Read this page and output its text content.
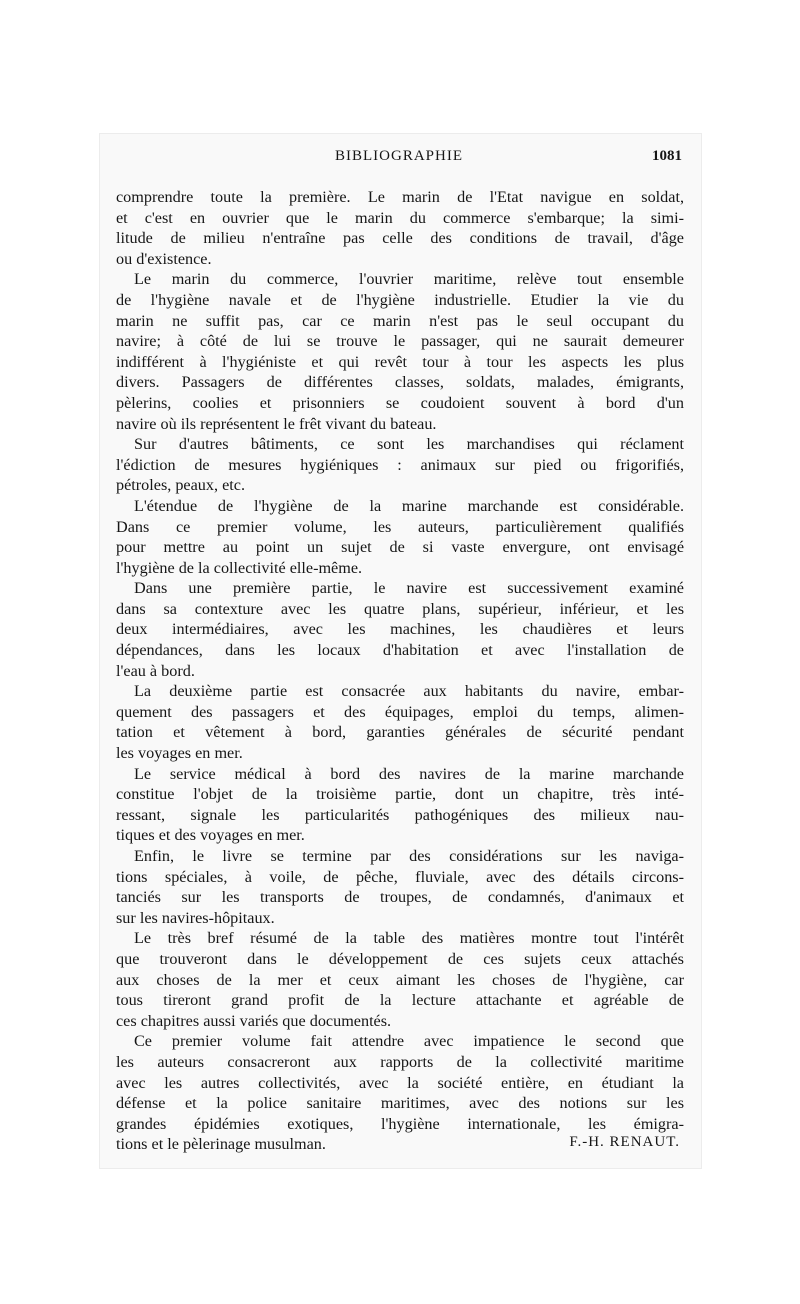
BIBLIOGRAPHIE	1081
comprendre toute la première. Le marin de l'Etat navigue en soldat,
et c'est en ouvrier que le marin du commerce s'embarque; la simi-
litude de milieu n'entraîne pas celle des conditions de travail, d'âge
ou d'existence.
Le marin du commerce, l'ouvrier maritime, relève tout ensemble
de l'hygiène navale et de l'hygiène industrielle. Etudier la vie du
marin ne suffit pas, car ce marin n'est pas le seul occupant du
navire; à côté de lui se trouve le passager, qui ne saurait demeurer
indifférent à l'hygiéniste et qui revêt tour à tour les aspects les plus
divers. Passagers de différentes classes, soldats, malades, émigrants,
pèlerins, coolies et prisonniers se coudoient souvent à bord d'un
navire où ils représentent le frêt vivant du bateau.
Sur d'autres bâtiments, ce sont les marchandises qui réclament
l'édiction de mesures hygiéniques : animaux sur pied ou frigorifiés,
pétroles, peaux, etc.
L'étendue de l'hygiène de la marine marchande est considérable.
Dans ce premier volume, les auteurs, particulièrement qualifiés
pour mettre au point un sujet de si vaste envergure, ont envisagé
l'hygiène de la collectivité elle-même.
Dans une première partie, le navire est successivement examiné
dans sa contexture avec les quatre plans, supérieur, inférieur, et les
deux intermédiaires, avec les machines, les chaudières et leurs
dépendances, dans les locaux d'habitation et avec l'installation de
l'eau à bord.
La deuxième partie est consacrée aux habitants du navire, embar-
quement des passagers et des équipages, emploi du temps, alimen-
tation et vêtement à bord, garanties générales de sécurité pendant
les voyages en mer.
Le service médical à bord des navires de la marine marchande
constitue l'objet de la troisième partie, dont un chapitre, très inté-
ressant, signale les particularités pathogéniques des milieux nau-
tiques et des voyages en mer.
Enfin, le livre se termine par des considérations sur les naviga-
tions spéciales, à voile, de pêche, fluviale, avec des détails circons-
tanciés sur les transports de troupes, de condamnés, d'animaux et
sur les navires-hôpitaux.
Le très bref résumé de la table des matières montre tout l'intérêt
que trouveront dans le développement de ces sujets ceux attachés
aux choses de la mer et ceux aimant les choses de l'hygiène, car
tous tireront grand profit de la lecture attachante et agréable de
ces chapitres aussi variés que documentés.
Ce premier volume fait attendre avec impatience le second que
les auteurs consacreront aux rapports de la collectivité maritime
avec les autres collectivités, avec la société entière, en étudiant la
défense et la police sanitaire maritimes, avec des notions sur les
grandes épidémies exotiques, l'hygiène internationale, les émigra-
tions et le pèlerinage musulman.	F.-H. RENAUT.
